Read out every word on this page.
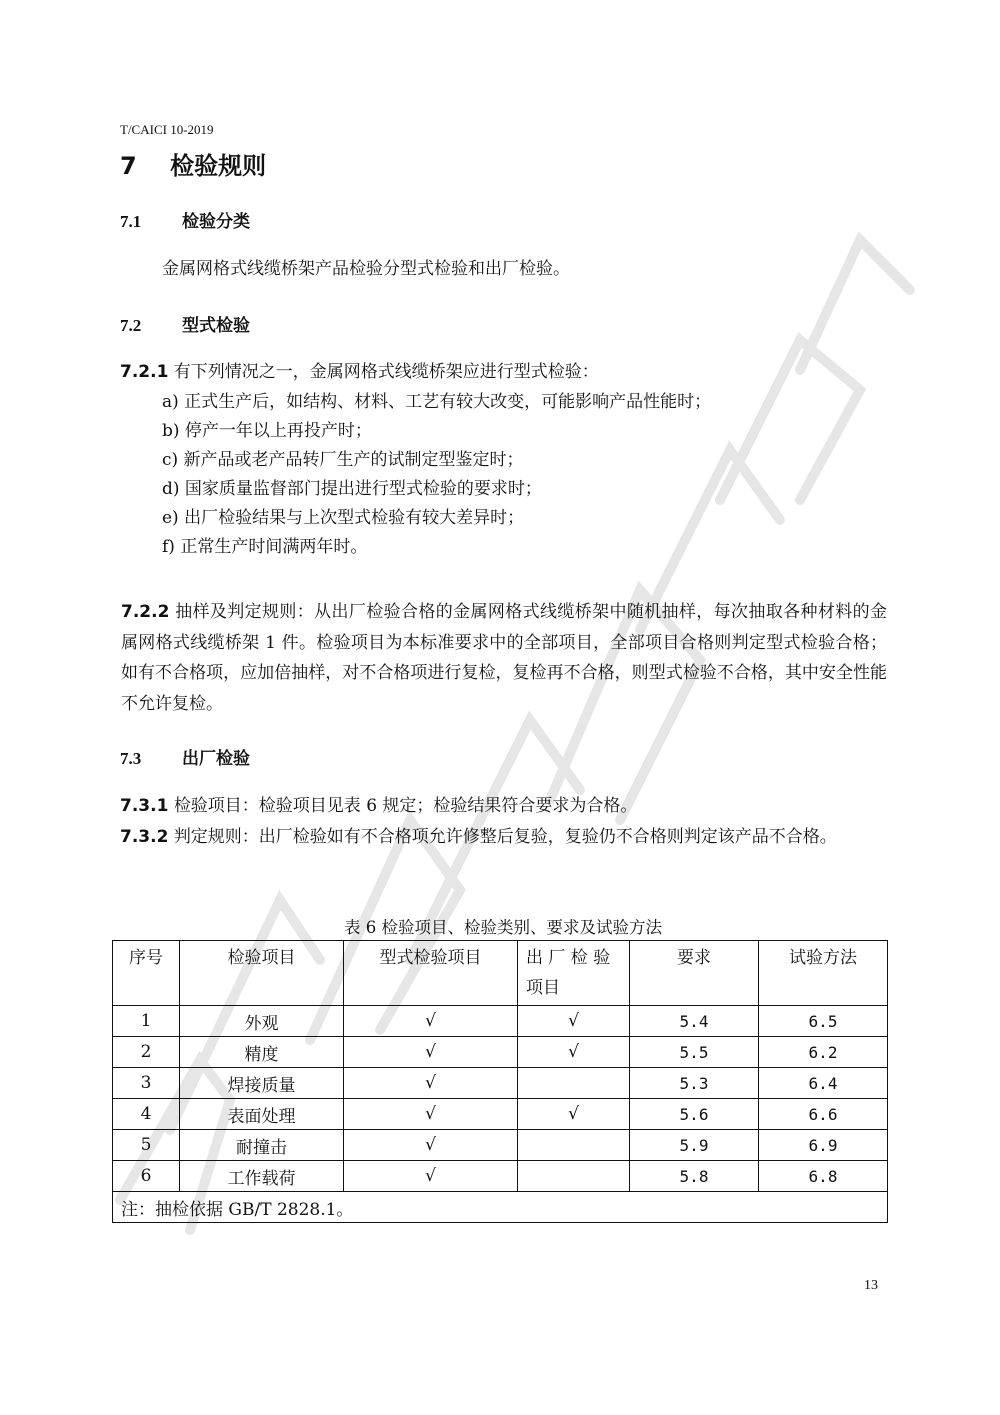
T/CAICI 10-2019
7 检验规则
7.1 检验分类
金属网格式线缆桥架产品检验分型式检验和出厂检验。
7.2 型式检验
7.2.1 有下列情况之一，金属网格式线缆桥架应进行型式检验：
a) 正式生产后，如结构、材料、工艺有较大改变，可能影响产品性能时；
b) 停产一年以上再投产时；
c) 新产品或老产品转厂生产的试制定型鉴定时；
d) 国家质量监督部门提出进行型式检验的要求时；
e) 出厂检验结果与上次型式检验有较大差异时；
f) 正常生产时间满两年时。
7.2.2 抽样及判定规则：从出厂检验合格的金属网格式线缆桥架中随机抽样，每次抽取各种材料的金属网格式线缆桥架 1 件。检验项目为本标准要求中的全部项目，全部项目合格则判定型式检验合格；如有不合格项，应加倍抽样，对不合格项进行复检，复检再不合格，则型式检验不合格，其中安全性能不允许复检。
7.3 出厂检验
7.3.1 检验项目：检验项目见表 6 规定；检验结果符合要求为合格。
7.3.2 判定规则：出厂检验如有不合格项允许修整后复验，复验仍不合格则判定该产品不合格。
表 6 检验项目、检验类别、要求及试验方法
序号	检验项目	型式检验项目	出 厂 检 验 项目	要求	试验方法
1	外观	√	√	5.4	6.5
2	精度	√	√	5.5	6.2
3	焊接质量	√		5.3	6.4
4	表面处理	√	√	5.6	6.6
5	耐撞击	√		5.9	6.9
6	工作载荷	√		5.8	6.8
注：抽检依据 GB/T 2828.1。					
13
